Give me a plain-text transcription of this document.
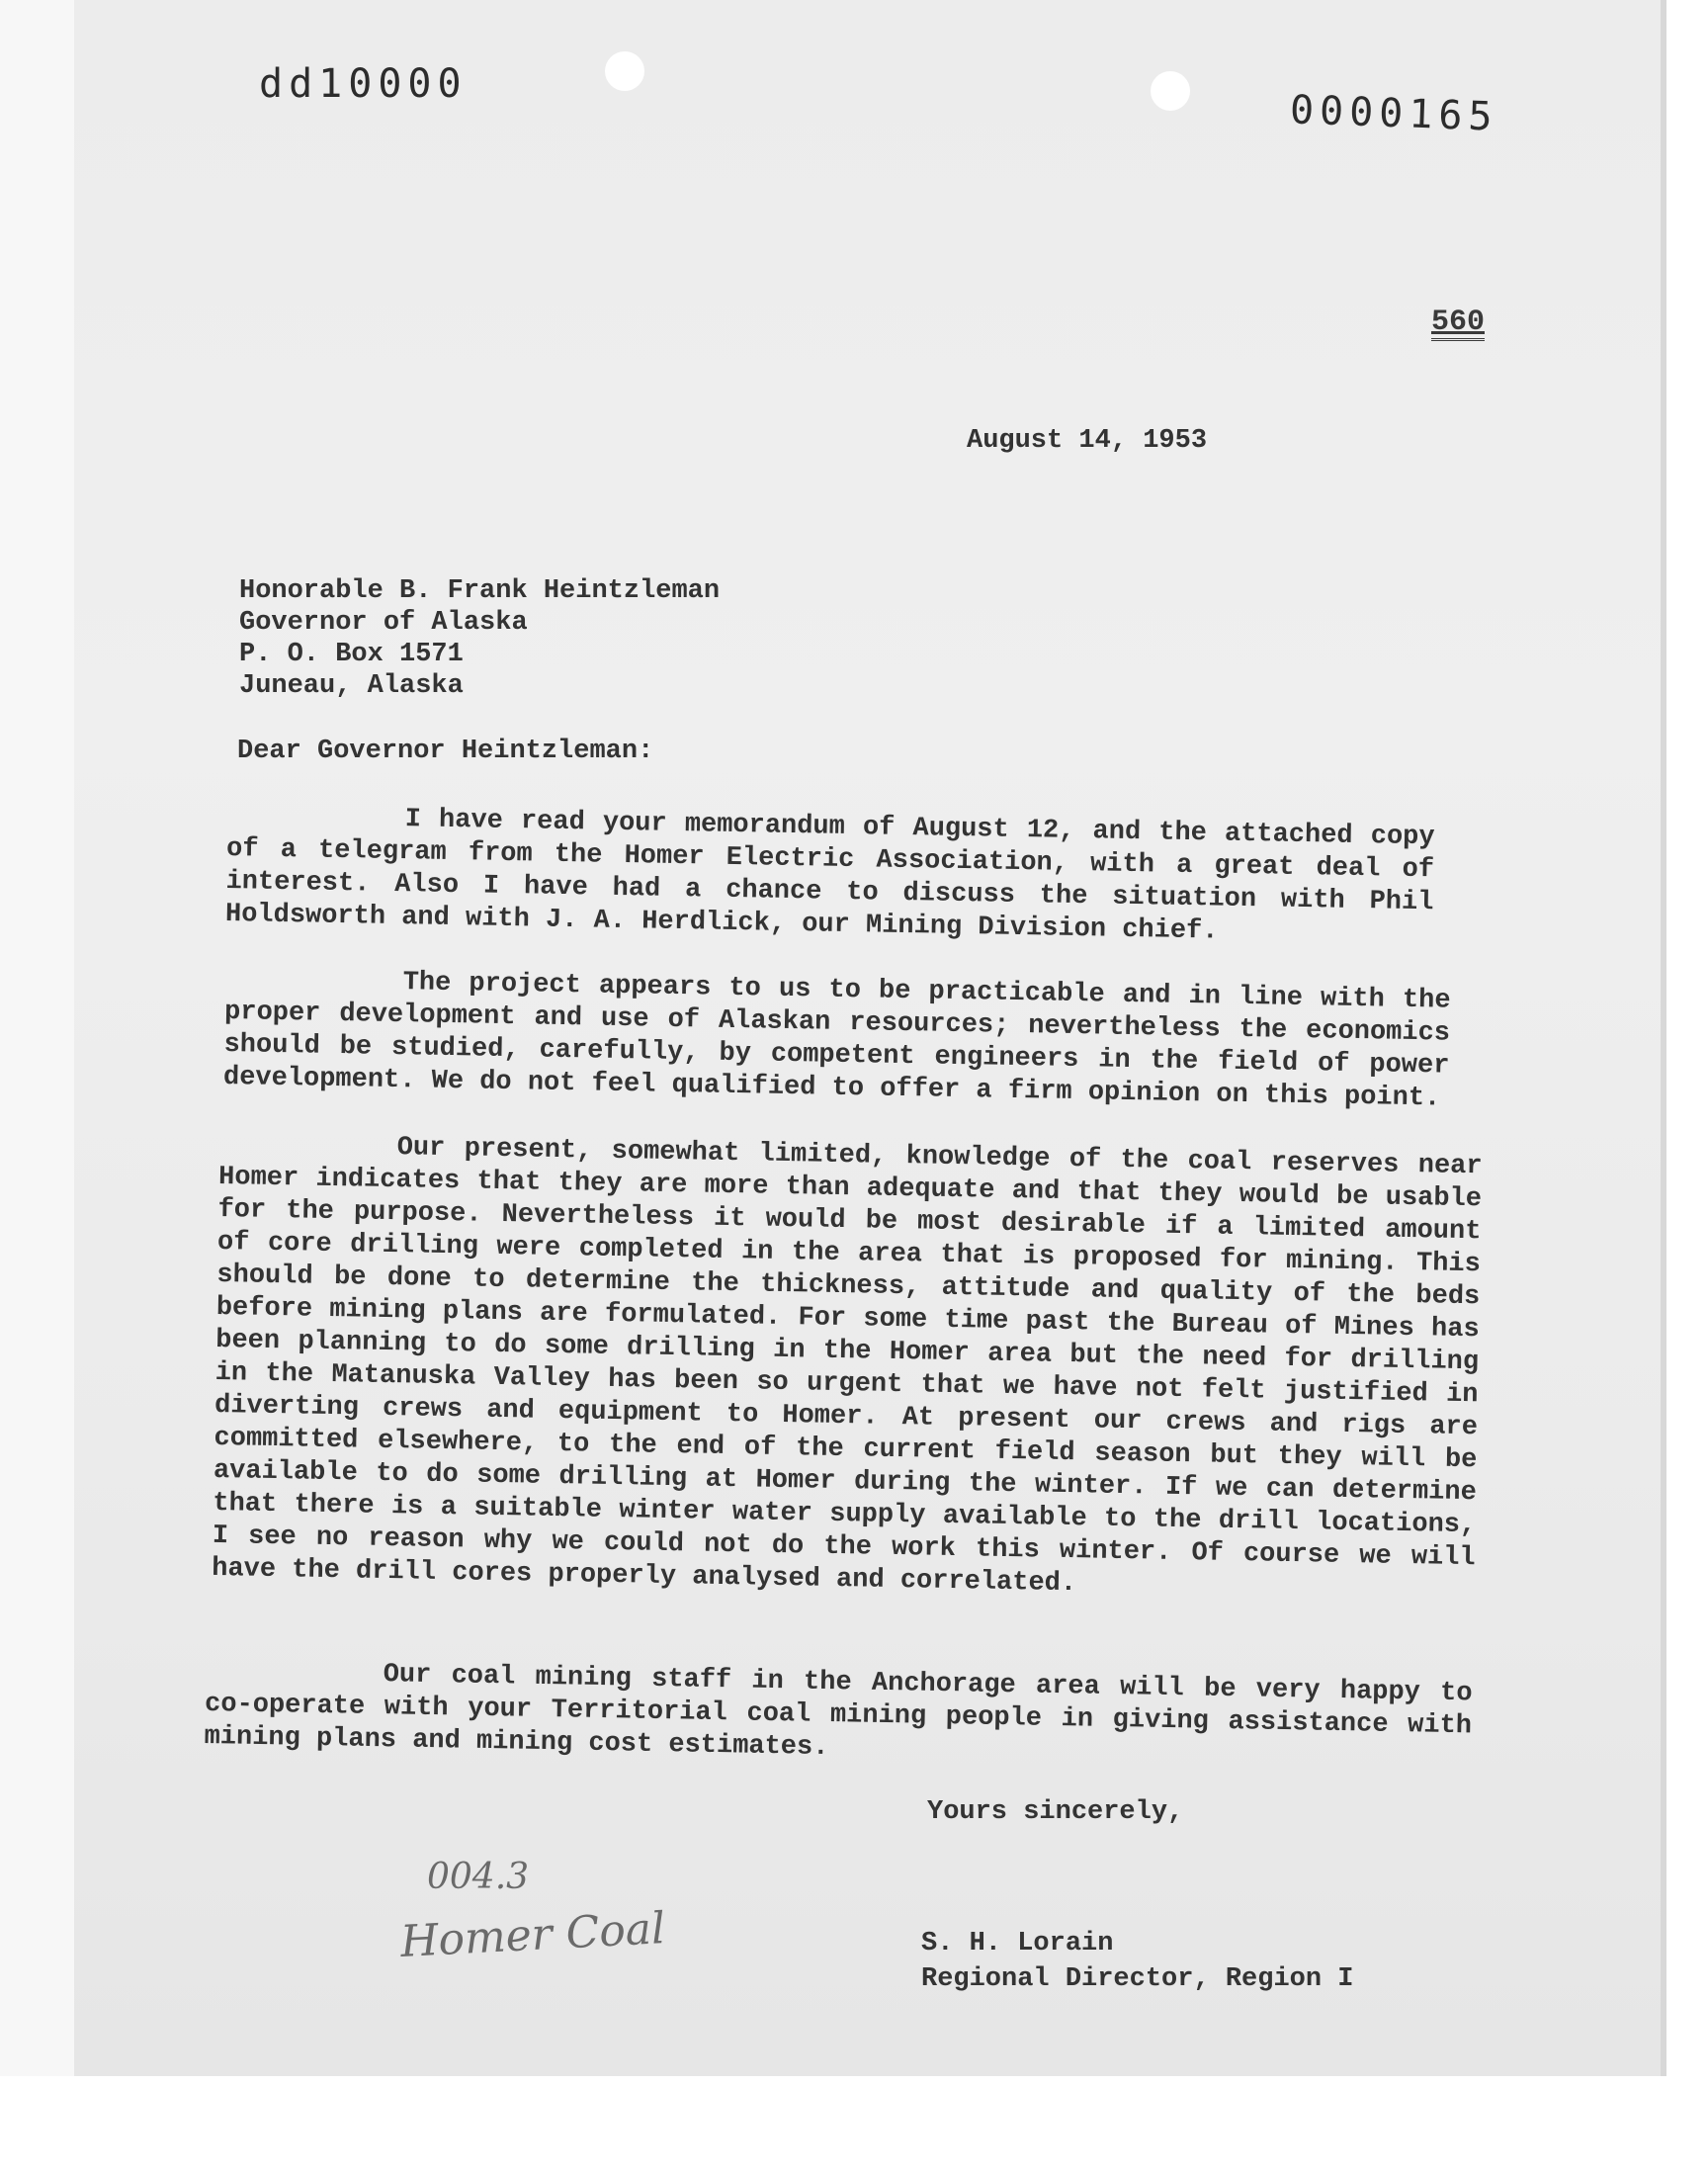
dd10000
0000165
560
August 14, 1953
Honorable B. Frank Heintzleman
Governor of Alaska
P. O. Box 1571
Juneau, Alaska
Dear Governor Heintzleman:
I have read your memorandum of August 12, and the attached copy of a telegram from the Homer Electric Association, with a great deal of interest. Also I have had a chance to discuss the situation with Phil Holdsworth and with J. A. Herdlick, our Mining Division chief.
The project appears to us to be practicable and in line with the proper development and use of Alaskan resources; nevertheless the economics should be studied, carefully, by competent engineers in the field of power development. We do not feel qualified to offer a firm opinion on this point.
Our present, somewhat limited, knowledge of the coal reserves near Homer indicates that they are more than adequate and that they would be usable for the purpose. Nevertheless it would be most desirable if a limited amount of core drilling were completed in the area that is proposed for mining. This should be done to determine the thickness, attitude and quality of the beds before mining plans are formulated. For some time past the Bureau of Mines has been planning to do some drilling in the Homer area but the need for drilling in the Matanuska Valley has been so urgent that we have not felt justified in diverting crews and equipment to Homer. At present our crews and rigs are committed elsewhere, to the end of the current field season but they will be available to do some drilling at Homer during the winter. If we can determine that there is a suitable winter water supply available to the drill locations, I see no reason why we could not do the work this winter. Of course we will have the drill cores properly analysed and correlated.
Our coal mining staff in the Anchorage area will be very happy to co-operate with your Territorial coal mining people in giving assistance with mining plans and mining cost estimates.
Yours sincerely,
S. H. Lorain
Regional Director, Region I
004.3
Homer Coal
